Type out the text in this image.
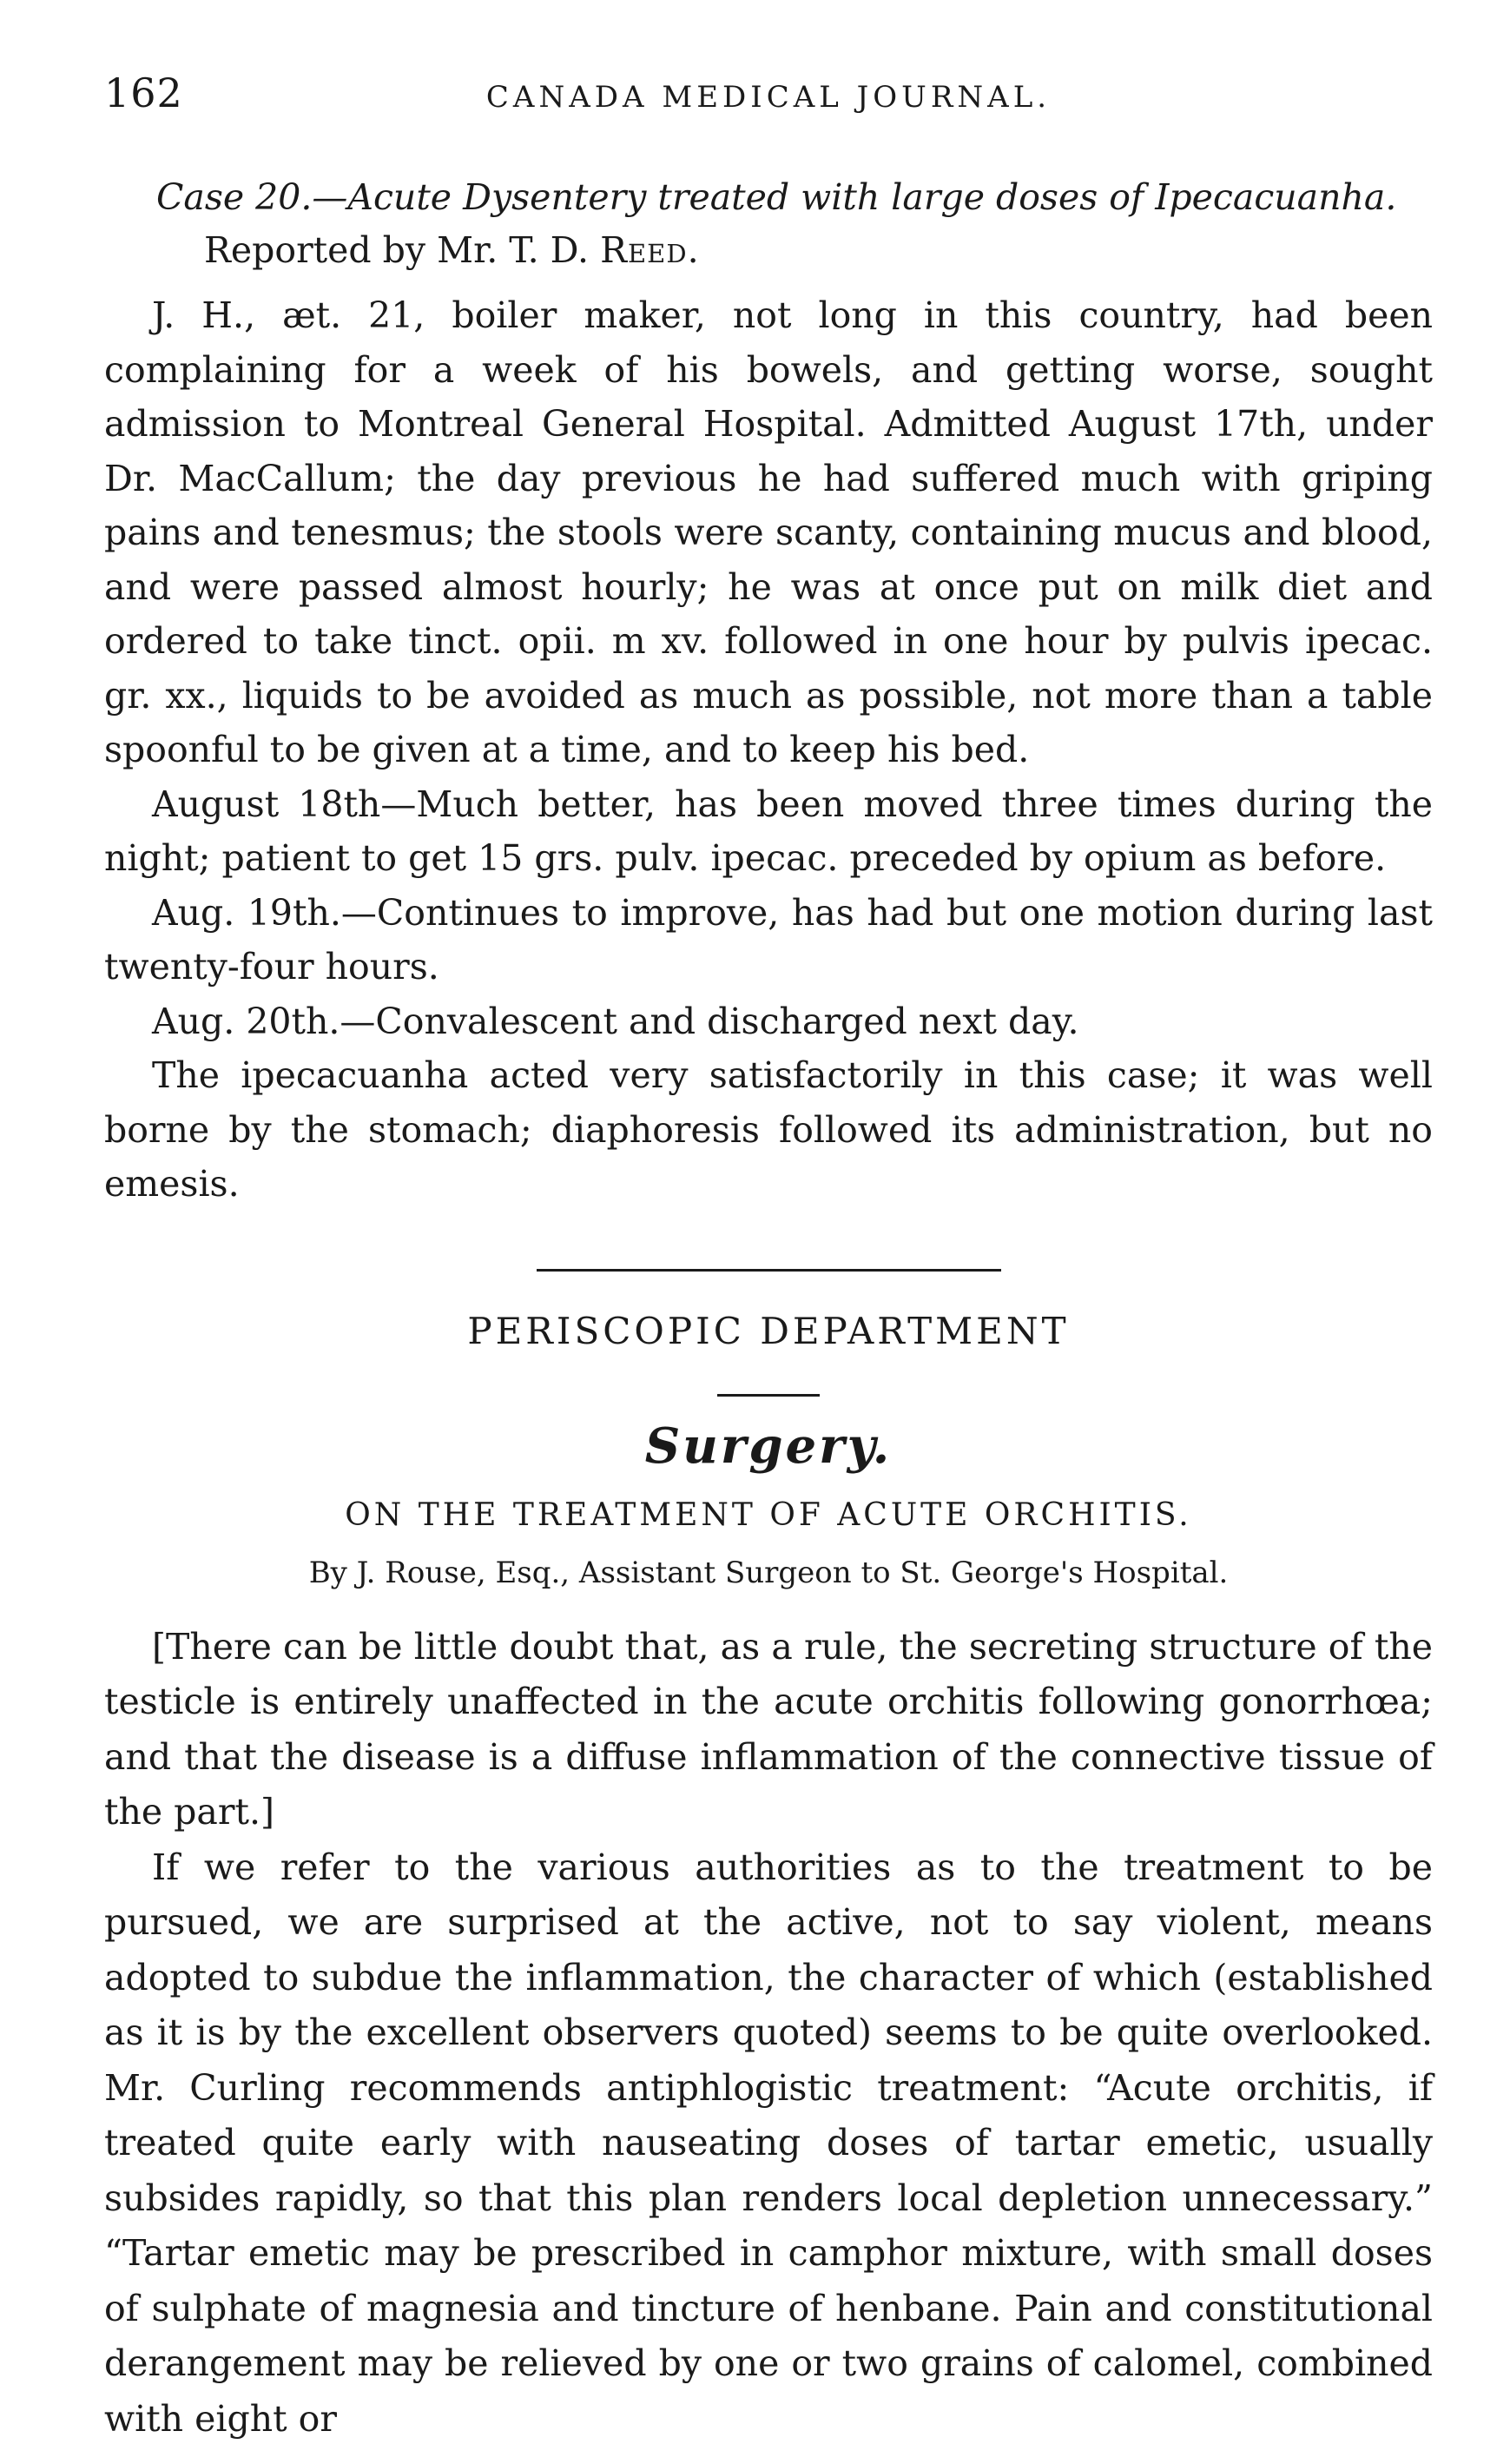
162	CANADA MEDICAL JOURNAL.
Case 20.—Acute Dysentery treated with large doses of Ipecacuanha.
Reported by Mr. T. D. Reed.

J. H., æt. 21, boiler maker, not long in this country, had been complaining for a week of his bowels, and getting worse, sought admission to Montreal General Hospital. Admitted August 17th, under Dr. MacCallum; the day previous he had suffered much with griping pains and tenesmus; the stools were scanty, containing mucus and blood, and were passed almost hourly; he was at once put on milk diet and ordered to take tinct. opii. m xv. followed in one hour by pulvis ipecac. gr. xx., liquids to be avoided as much as possible, not more than a table spoonful to be given at a time, and to keep his bed.

August 18th—Much better, has been moved three times during the night; patient to get 15 grs. pulv. ipecac. preceded by opium as before.

Aug. 19th.—Continues to improve, has had but one motion during last twenty-four hours.

Aug. 20th.—Convalescent and discharged next day.

The ipecacuanha acted very satisfactorily in this case; it was well borne by the stomach; diaphoresis followed its administration, but no emesis.

PERISCOPIC DEPARTMENT
Surgery.
ON THE TREATMENT OF ACUTE ORCHITIS.
By J. Rouse, Esq., Assistant Surgeon to St. George's Hospital.

[There can be little doubt that, as a rule, the secreting structure of the testicle is entirely unaffected in the acute orchitis following gonorrhœa; and that the disease is a diffuse inflammation of the connective tissue of the part.]

If we refer to the various authorities as to the treatment to be pursued, we are surprised at the active, not to say violent, means adopted to subdue the inflammation, the character of which (established as it is by the excellent observers quoted) seems to be quite overlooked. Mr. Curling recommends antiphlogistic treatment: “Acute orchitis, if treated quite early with nauseating doses of tartar emetic, usually subsides rapidly, so that this plan renders local depletion unnecessary.” “Tartar emetic may be prescribed in camphor mixture, with small doses of sulphate of magnesia and tincture of henbane. Pain and constitutional derangement may be relieved by one or two grains of calomel, combined with eight or
